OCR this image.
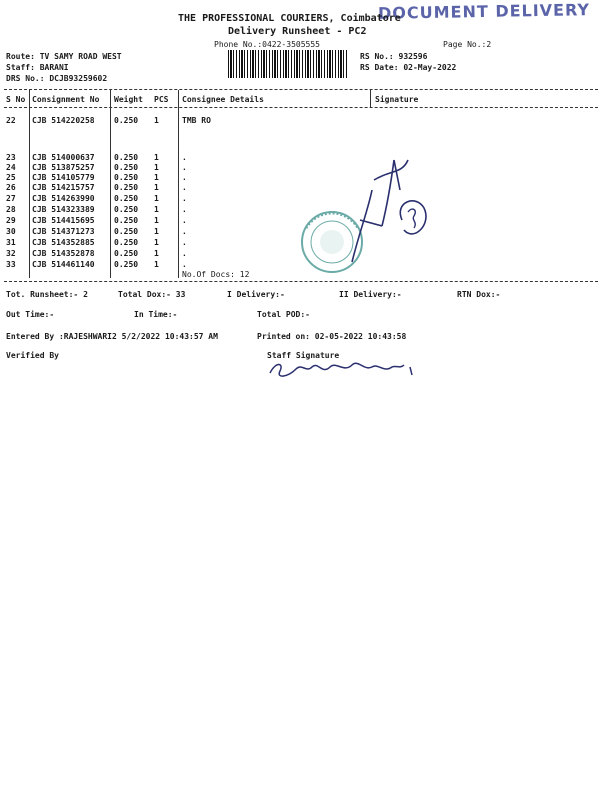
DOCUMENT DELIVERY
THE PROFESSIONAL COURIERS, Coimbatore
Delivery Runsheet - PC2
Phone No.:0422-3505555	Page No.:2
Route: TV SAMY ROAD WEST
Staff: BARANI
DRS No.: DCJB93259602
RS No.: 932596
RS Date: 02-May-2022
S No Consignment No Weight PCS Consignee Details	Signature
22 CJB 514220258 0.250 1	TMB RO
23 CJB 514000637 0.250 1	.
24 CJB 513875257 0.250 1	.
25 CJB 514105779 0.250 1	.
26 CJB 514215757 0.250 1	.
27 CJB 514263990 0.250 1	.
28 CJB 514323389 0.250 1	.
29 CJB 514415695 0.250 1	.
30 CJB 514371273 0.250 1	.
31 CJB 514352885 0.250 1	.
32 CJB 514352878 0.250 1	.
33 CJB 514461140 0.250 1	.
No.Of Docs: 12
Tot. Runsheet:- 2	Total Dox:- 33	I Delivery:-	II Delivery:-	RTN Dox:-
Out Time:-	In Time:-	Total POD:-
Entered By :RAJESHWARI2 5/2/2022 10:43:57 AM	Printed on: 02-05-2022 10:43:58
Verified By	Staff Signature
